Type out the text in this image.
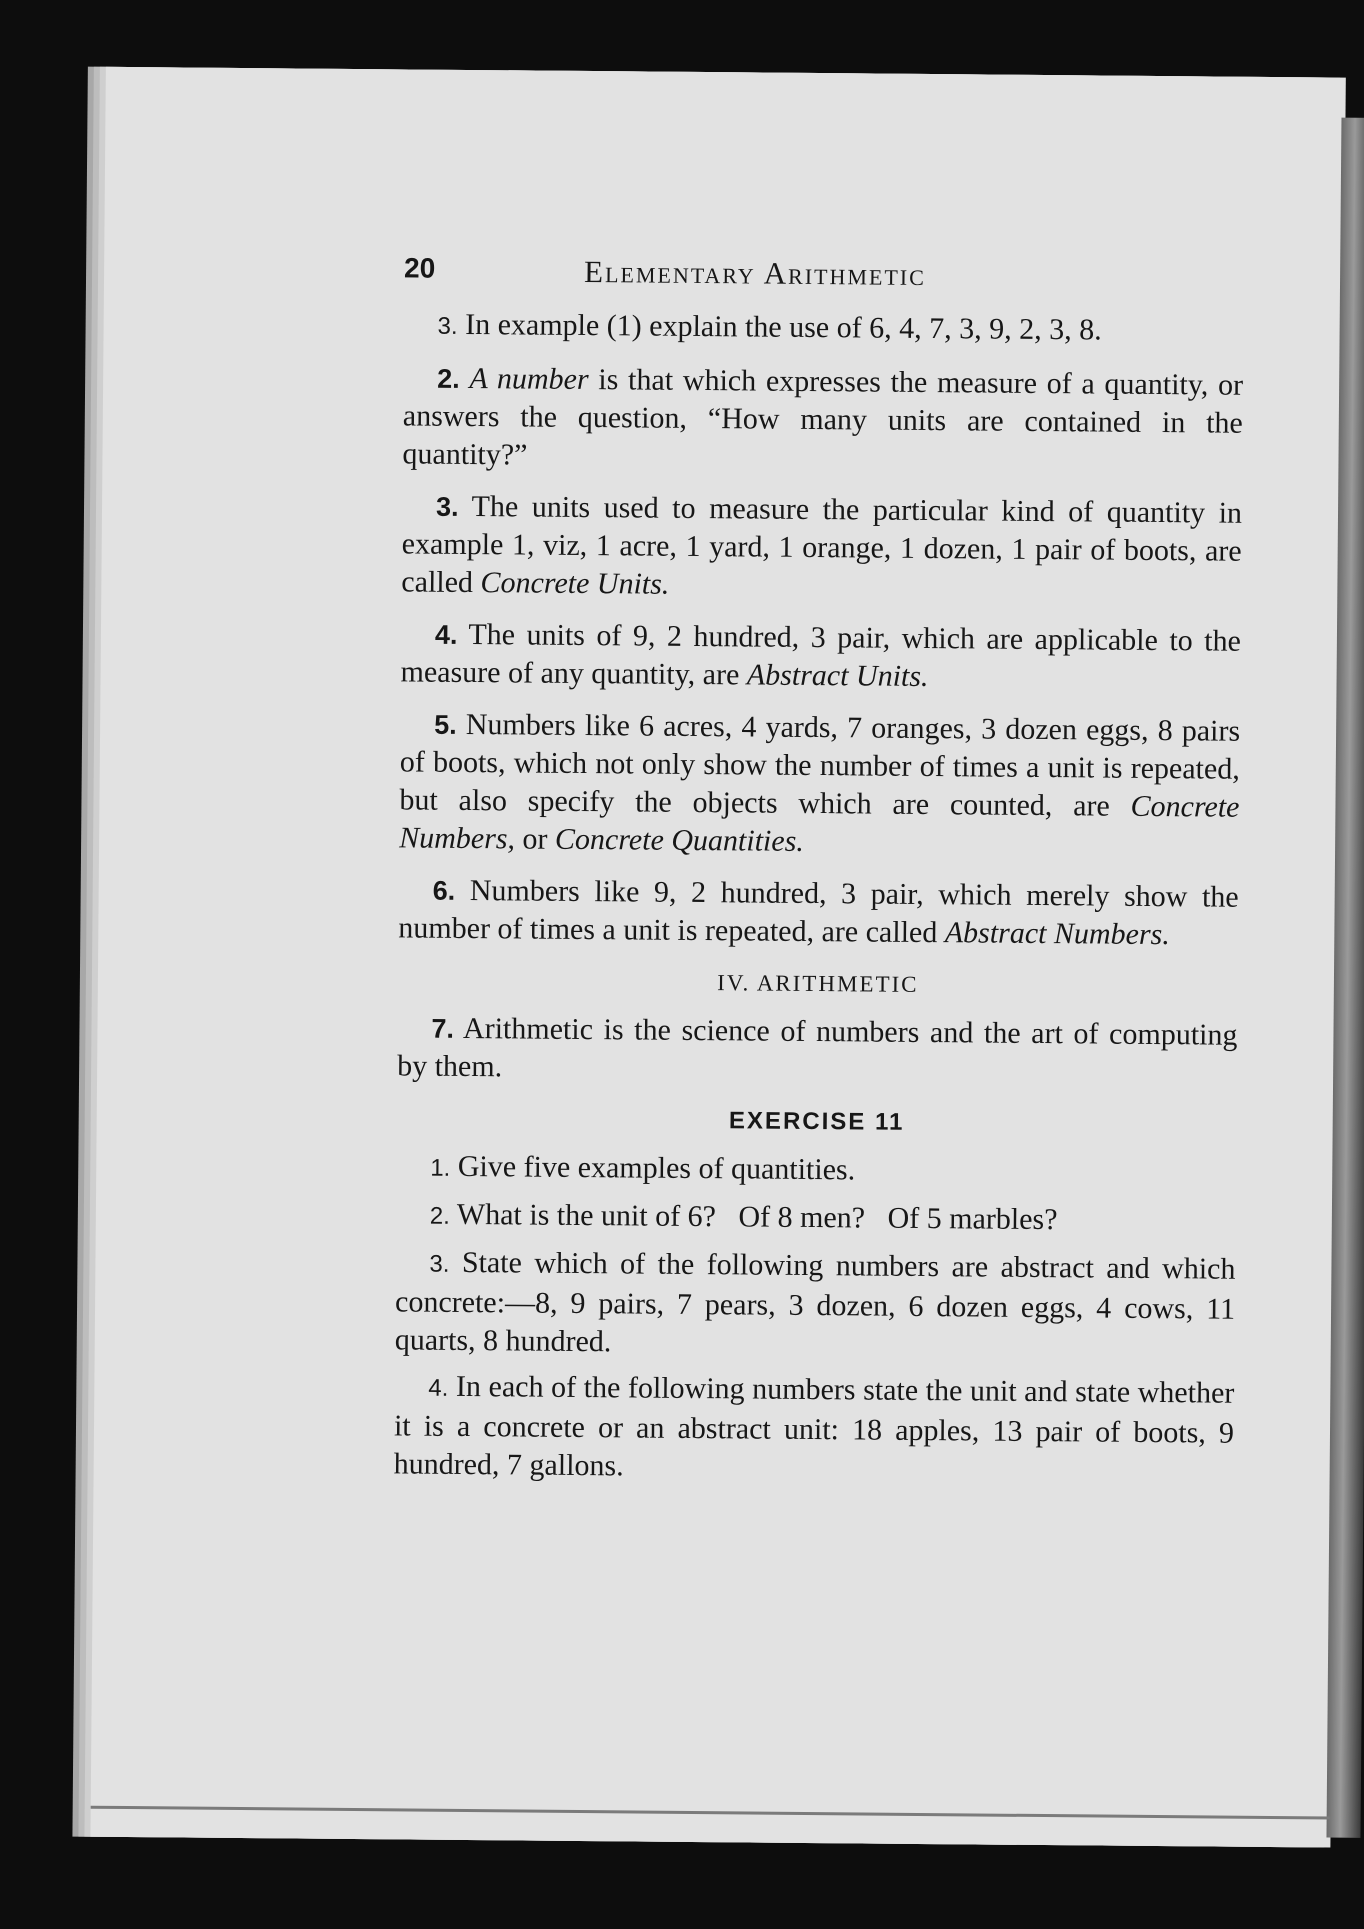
20	Elementary Arithmetic

3. In example (1) explain the use of 6, 4, 7, 3, 9, 2, 3, 8.

2. A number is that which expresses the measure of a quantity, or answers the question, “How many units are contained in the quantity?”

3. The units used to measure the particular kind of quantity in example 1, viz, 1 acre, 1 yard, 1 orange, 1 dozen, 1 pair of boots, are called Concrete Units.

4. The units of 9, 2 hundred, 3 pair, which are applicable to the measure of any quantity, are Abstract Units.

5. Numbers like 6 acres, 4 yards, 7 oranges, 3 dozen eggs, 8 pairs of boots, which not only show the number of times a unit is repeated, but also specify the objects which are counted, are Concrete Numbers, or Concrete Quantities.

6. Numbers like 9, 2 hundred, 3 pair, which merely show the number of times a unit is repeated, are called Abstract Numbers.

IV. ARITHMETIC

7. Arithmetic is the science of numbers and the art of computing by them.

EXERCISE 11

1. Give five examples of quantities.

2. What is the unit of 6?   Of 8 men?   Of 5 marbles?

3. State which of the following numbers are abstract and which concrete:—8, 9 pairs, 7 pears, 3 dozen, 6 dozen eggs, 4 cows, 11 quarts, 8 hundred.

4. In each of the following numbers state the unit and state whether it is a concrete or an abstract unit: 18 apples, 13 pair of boots, 9 hundred, 7 gallons.
